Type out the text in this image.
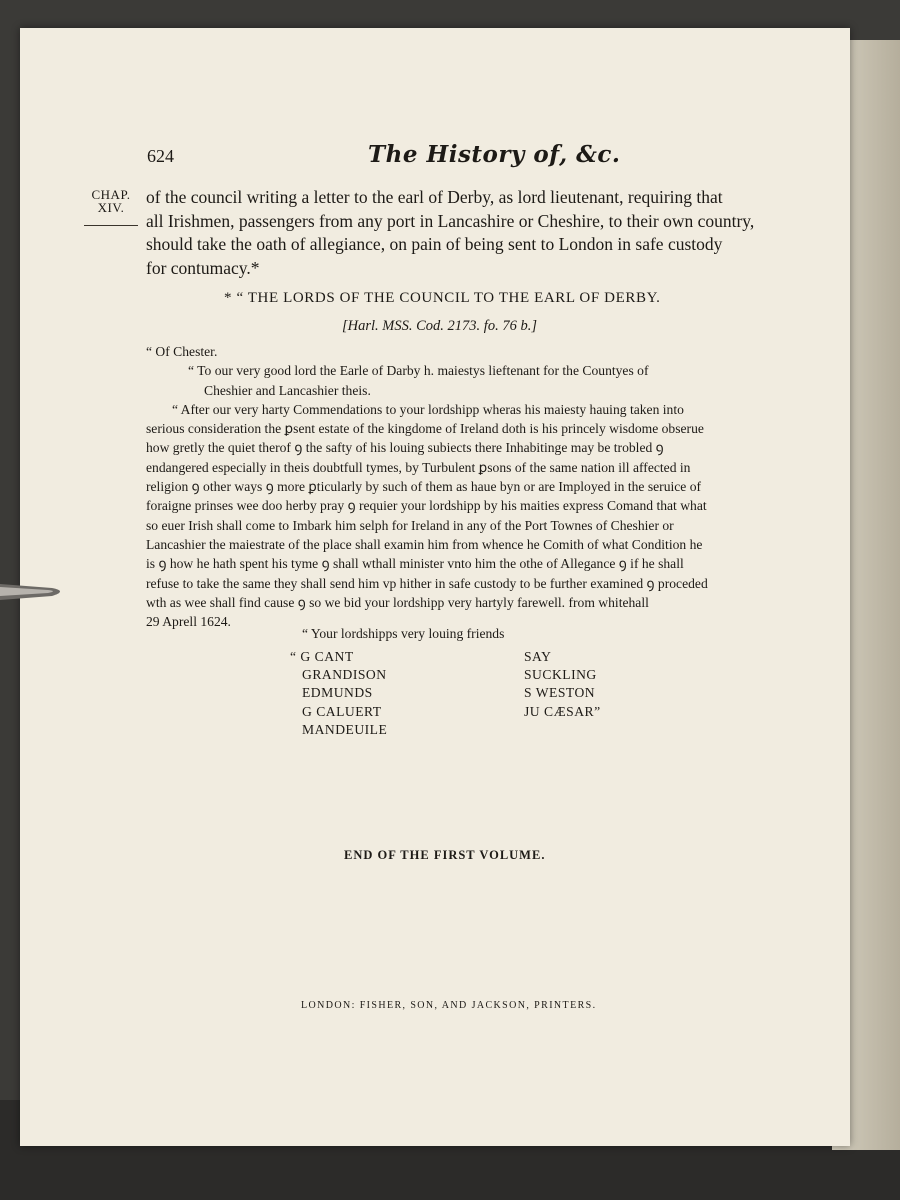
624	The History of, &c.
CHAP.
XIV.
of the council writing a letter to the earl of Derby, as lord lieutenant, requiring that
all Irishmen, passengers from any port in Lancashire or Cheshire, to their own country,
should take the oath of allegiance, on pain of being sent to London in safe custody
for contumacy.*
* “ THE LORDS OF THE COUNCIL TO THE EARL OF DERBY.
[Harl. MSS. Cod. 2173. fo. 76 b.]
“ Of Chester.
“ To our very good lord the Earle of Darby h. maiestys lieftenant for the Countyes of
Cheshier and Lancashier theis.
“ After our very harty Commendations to your lordshipp wheras his maiesty hauing taken into
serious consideration the ꝑsent estate of the kingdome of Ireland doth is his princely wisdome obserue
how gretly the quiet therof ꝯ the safty of his louing subiects there Inhabitinge may be trobled ꝯ
endangered especially in theis doubtfull tymes, by Turbulent ꝑsons of the same nation ill affected in
religion ꝯ other ways ꝯ more ꝑticularly by such of them as haue byn or are Imployed in the seruice of
foraigne prinses wee doo herby pray ꝯ requier your lordshipp by his maities express Comand that what
so euer Irish shall come to Imbark him selph for Ireland in any of the Port Townes of Cheshier or
Lancashier the maiestrate of the place shall examin him from whence he Comith of what Condition he
is ꝯ how he hath spent his tyme ꝯ shall wthall minister vnto him the othe of Allegance ꝯ if he shall
refuse to take the same they shall send him vp hither in safe custody to be further examined ꝯ proceded
wth as wee shall find cause ꝯ so we bid your lordshipp very hartyly farewell. from whitehall
29 Aprell 1624.
“ Your lordshipps very louing friends
“ G CANT
GRANDISON
EDMUNDS
G CALUERT
MANDEUILE
SAY
SUCKLING
S WESTON
JU CÆSAR”
END OF THE FIRST VOLUME.
LONDON: FISHER, SON, AND JACKSON, PRINTERS.
